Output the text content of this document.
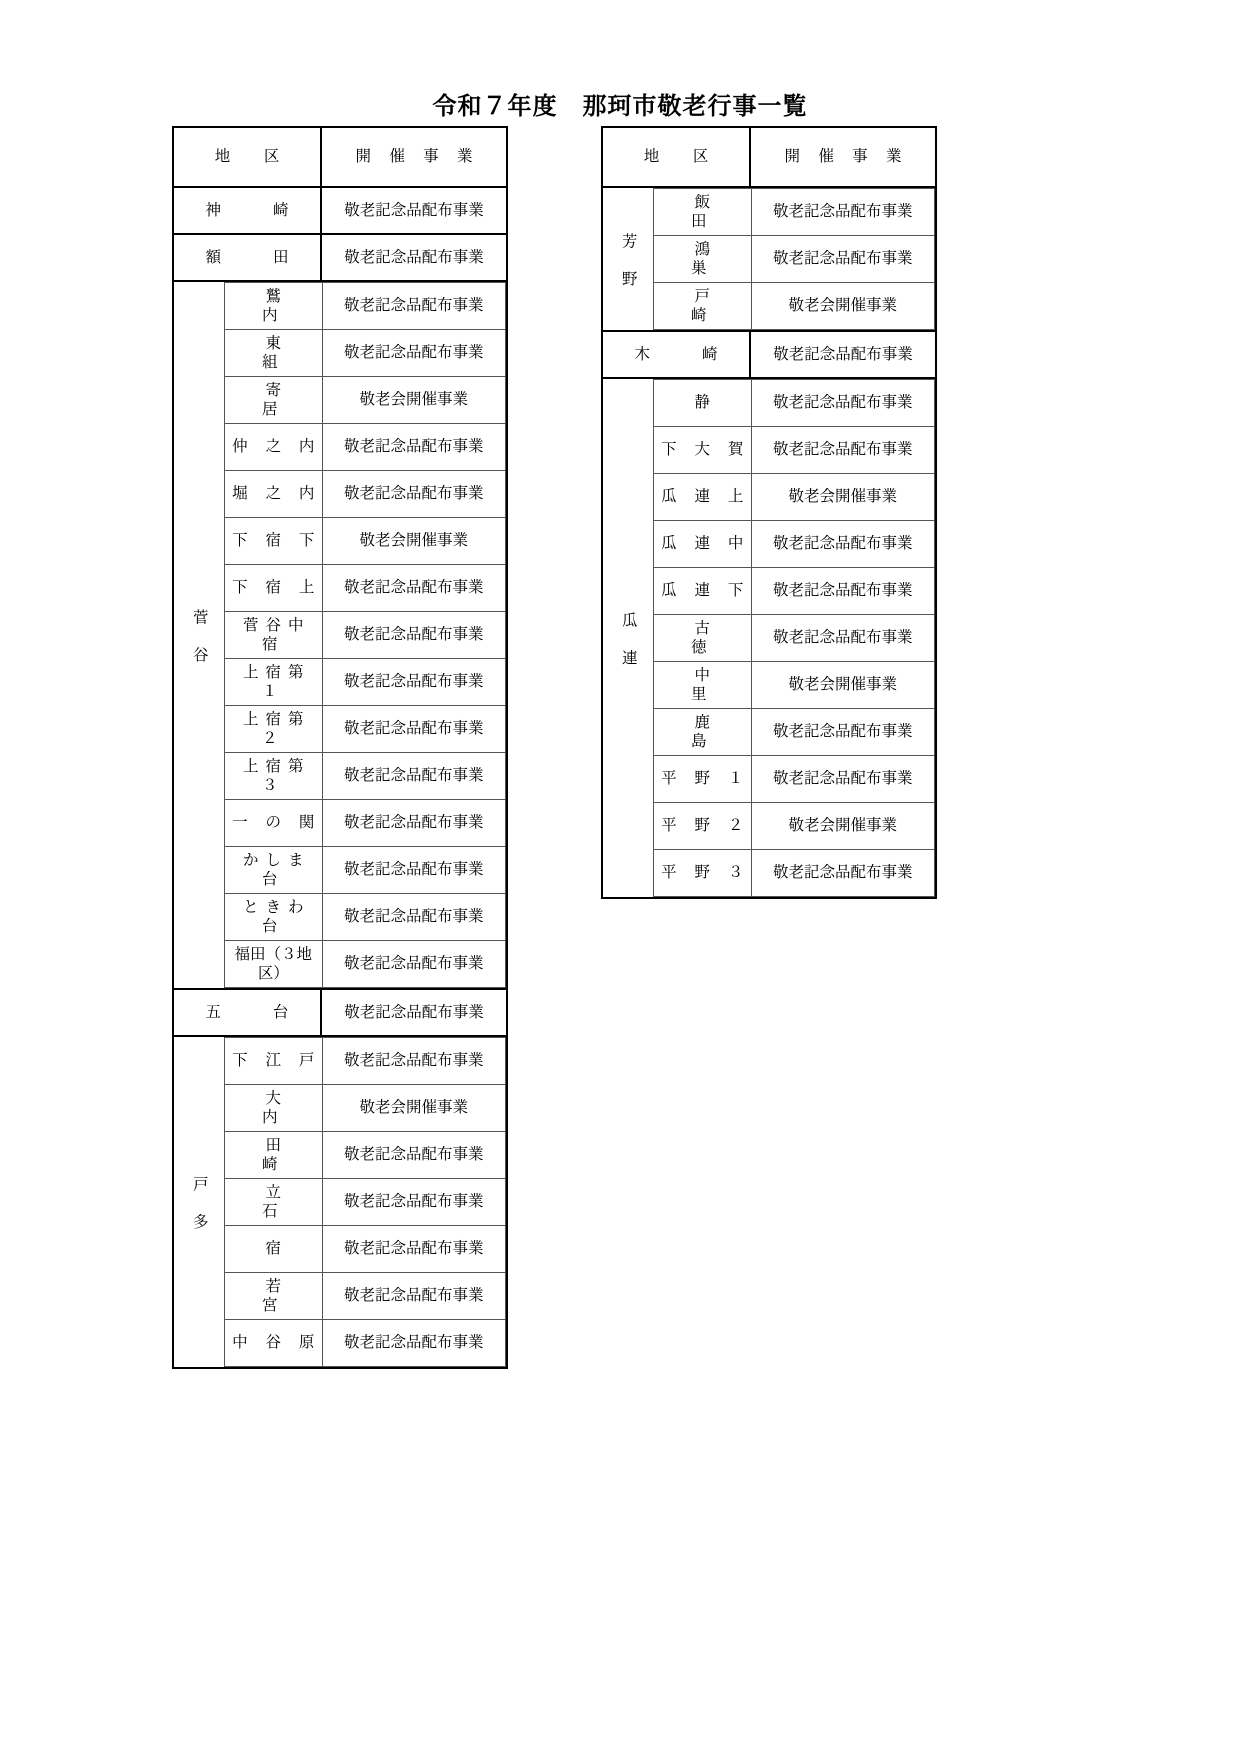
令和７年度　那珂市敬老行事一覧
地　区	開 催 事 業
神　　崎	敬老記念品配布事業
額　　田	敬老記念品配布事業

菅谷
鷲　　内	敬老記念品配布事業
東　　組	敬老記念品配布事業
寄　　居	敬老会開催事業
仲 之 内	敬老記念品配布事業
堀 之 内	敬老記念品配布事業
下 宿 下	敬老会開催事業
下 宿 上	敬老記念品配布事業
菅谷中宿	敬老記念品配布事業
上宿第１	敬老記念品配布事業
上宿第２	敬老記念品配布事業
上宿第３	敬老記念品配布事業
一 の 関	敬老記念品配布事業
かしま台	敬老記念品配布事業
ときわ台	敬老記念品配布事業
福田（３地区）	敬老記念品配布事業

五　　台	敬老記念品配布事業

戸多
下 江 戸	敬老記念品配布事業
大　　内	敬老会開催事業
田　　崎	敬老記念品配布事業
立　　石	敬老記念品配布事業
宿	敬老記念品配布事業
若　　宮	敬老記念品配布事業
中 谷 原	敬老記念品配布事業
地　区	開 催 事 業

芳野
飯　　田	敬老記念品配布事業
鴻　　巣	敬老記念品配布事業
戸　　崎	敬老会開催事業

木　　崎	敬老記念品配布事業

瓜連
静	敬老記念品配布事業
下 大 賀	敬老記念品配布事業
瓜 連 上	敬老会開催事業
瓜 連 中	敬老記念品配布事業
瓜 連 下	敬老記念品配布事業
古　　徳	敬老記念品配布事業
中　　里	敬老会開催事業
鹿　　島	敬老記念品配布事業
平 野 １	敬老記念品配布事業
平 野 ２	敬老会開催事業
平 野 ３	敬老記念品配布事業
